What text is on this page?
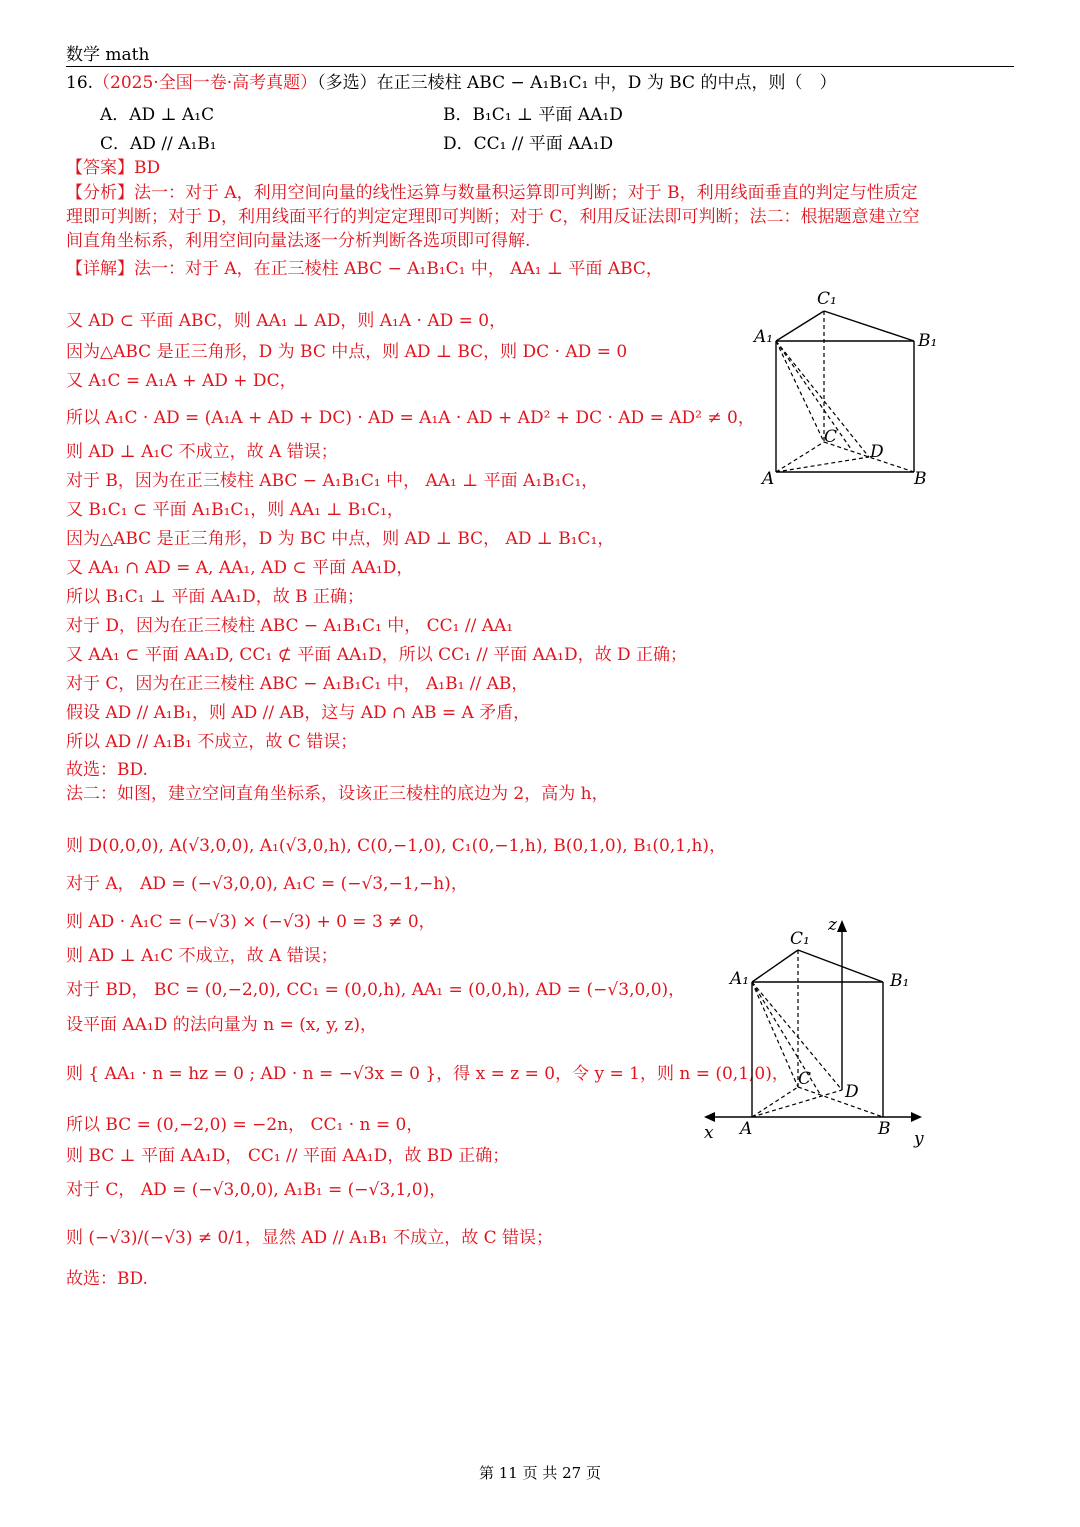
数学 math
16.（2025·全国一卷·高考真题）（多选）在正三棱柱 ABC − A₁B₁C₁ 中，D 为 BC 的中点，则（　）
A．AD ⊥ A₁C	B．B₁C₁ ⊥ 平面 AA₁D
C．AD // A₁B₁	D．CC₁ // 平面 AA₁D
【答案】BD
【分析】法一：对于 A，利用空间向量的线性运算与数量积运算即可判断；对于 B，利用线面垂直的判定与性质定
理即可判断；对于 D，利用线面平行的判定定理即可判断；对于 C，利用反证法即可判断；法二：根据题意建立空
间直角坐标系，利用空间向量法逐一分析判断各选项即可得解.
【详解】法一：对于 A，在正三棱柱 ABC − A₁B₁C₁ 中， AA₁ ⊥ 平面 ABC，
又 AD ⊂ 平面 ABC，则 AA₁ ⊥ AD，则 A₁A · AD = 0，
因为△ABC 是正三角形，D 为 BC 中点，则 AD ⊥ BC，则 DC · AD = 0
又 A₁C = A₁A + AD + DC，
所以 A₁C · AD = (A₁A + AD + DC) · AD = A₁A · AD + AD² + DC · AD = AD² ≠ 0，
则 AD ⊥ A₁C 不成立，故 A 错误；
对于 B，因为在正三棱柱 ABC − A₁B₁C₁ 中， AA₁ ⊥ 平面 A₁B₁C₁，
又 B₁C₁ ⊂ 平面 A₁B₁C₁，则 AA₁ ⊥ B₁C₁，
因为△ABC 是正三角形，D 为 BC 中点，则 AD ⊥ BC， AD ⊥ B₁C₁，
又 AA₁ ∩ AD = A, AA₁, AD ⊂ 平面 AA₁D，
所以 B₁C₁ ⊥ 平面 AA₁D，故 B 正确；
对于 D，因为在正三棱柱 ABC − A₁B₁C₁ 中， CC₁ // AA₁
又 AA₁ ⊂ 平面 AA₁D, CC₁ ⊄ 平面 AA₁D，所以 CC₁ // 平面 AA₁D，故 D 正确；
对于 C，因为在正三棱柱 ABC − A₁B₁C₁ 中， A₁B₁ // AB，
假设 AD // A₁B₁，则 AD // AB，这与 AD ∩ AB = A 矛盾，
所以 AD // A₁B₁ 不成立，故 C 错误；
故选：BD.
法二：如图，建立空间直角坐标系，设该正三棱柱的底边为 2，高为 h，
则 D(0,0,0), A(√3,0,0), A₁(√3,0,h), C(0,−1,0), C₁(0,−1,h), B(0,1,0), B₁(0,1,h)，
对于 A， AD = (−√3,0,0), A₁C = (−√3,−1,−h)，
则 AD · A₁C = (−√3) × (−√3) + 0 = 3 ≠ 0，
则 AD ⊥ A₁C 不成立，故 A 错误；
对于 BD， BC = (0,−2,0), CC₁ = (0,0,h), AA₁ = (0,0,h), AD = (−√3,0,0)，
设平面 AA₁D 的法向量为 n = (x, y, z)，
则 { AA₁ · n = hz = 0 ; AD · n = −√3x = 0 }，得 x = z = 0，令 y = 1，则 n = (0,1,0)，
所以 BC = (0,−2,0) = −2n， CC₁ · n = 0，
则 BC ⊥ 平面 AA₁D， CC₁ // 平面 AA₁D，故 BD 正确；
对于 C， AD = (−√3,0,0), A₁B₁ = (−√3,1,0)，
则 (−√3)/(−√3) ≠ 0/1，显然 AD // A₁B₁ 不成立，故 C 错误；
故选：BD.
C₁
A₁	B₁
C
D
A	B
z
C₁
A₁	B₁
C
D
x A	B y
第 11 页 共 27 页
